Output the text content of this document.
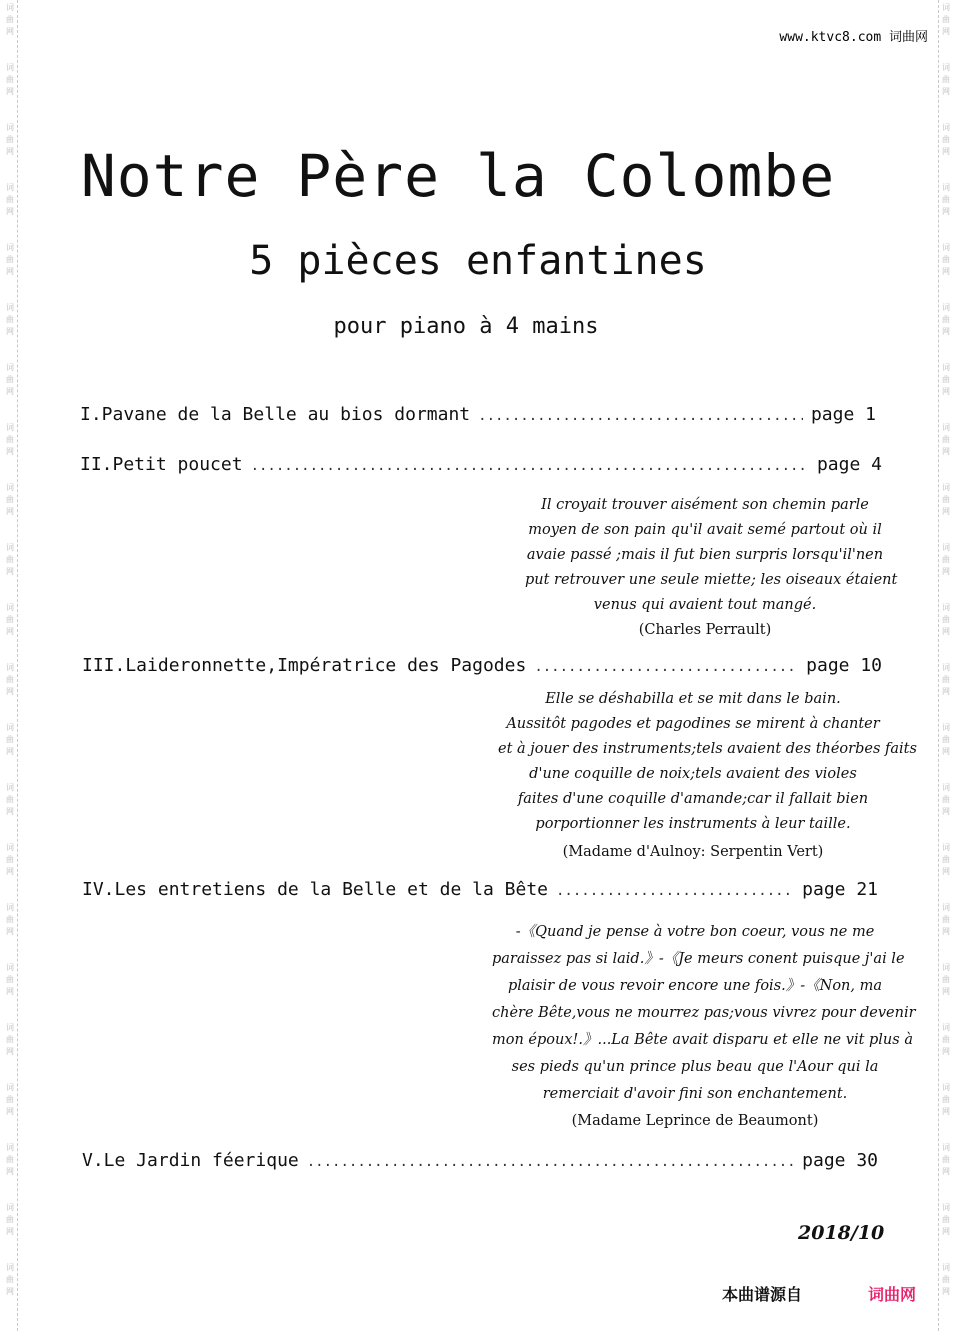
词
曲
网
词
曲
网
词
曲
网
词
曲
网
词
曲
网
词
曲
网
词
曲
网
词
曲
网
词
曲
网
词
曲
网
词
曲
网
词
曲
网
词
曲
网
词
曲
网
词
曲
网
词
曲
网
词
曲
网
词
曲
网
词
曲
网
词
曲
网
词
曲
网
词
曲
网
词
曲
网
词
曲
网
词
曲
网
词
曲
网
词
曲
网
词
曲
网
词
曲
网
词
曲
网
词
曲
网
词
曲
网
词
曲
网
词
曲
网
词
曲
网
词
曲
网
词
曲
网
词
曲
网
词
曲
网
词
曲
网
词
曲
网
词
曲
网
词
曲
网
词
曲
网
www.ktvc8.com 词曲网
Notre Père la Colombe
5 pièces enfantines
pour piano à 4 mains
I.Pavane de la Belle au bios dormant .....	page 1
II.Petit poucet .....	page 4
Il croyait trouver aisément son chemin parle
moyen de son pain qu'il avait semé partout où il
avaie passé ;mais il fut bien surpris lorsqu'il'nen
put retrouver une seule miette; les oiseaux étaient
venus qui avaient tout mangé.
(Charles Perrault)
III.Laideronnette,Impératrice des Pagodes .....	page 10
Elle se déshabilla et se mit dans le bain.
Aussitôt pagodes et pagodines se mirent à chanter
et à jouer des instruments;tels avaient des théorbes faits
d'une coquille de noix;tels avaient des violes
faites d'une coquille d'amande;car il fallait bien
porportionner les instruments à leur taille.
(Madame d'Aulnoy: Serpentin Vert)
IV.Les entretiens de la Belle et de la Bête .....	page 21
-《Quand je pense à votre bon coeur, vous ne me
paraissez pas si laid.》-《Je meurs conent puisque j'ai le
plaisir de vous revoir encore une fois.》-《Non, ma
chère Bête,vous ne mourrez pas;vous vivrez pour devenir
mon époux!.》...La Bête avait disparu et elle ne vit plus à
ses pieds qu'un prince plus beau que l'Aour qui la
remerciait d'avoir fini son enchantement.
(Madame Leprince de Beaumont)
V.Le Jardin féerique .....	page 30
2018/10
本曲谱源自	词曲网
